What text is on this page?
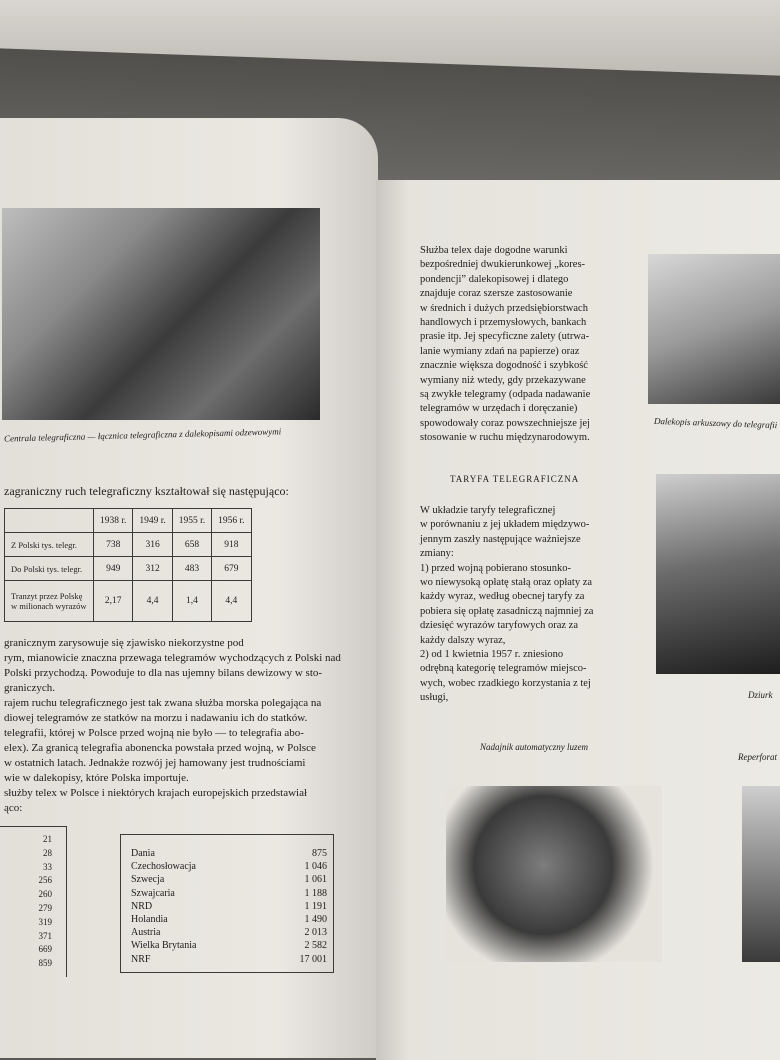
Centrala telegraficzna — łącznica telegraficzna z dalekopisami odzewowymi
zagraniczny ruch telegraficzny kształtował się następująco:
	1938 r.	1949 r.	1955 r.	1956 r.
Z Polski tys. telegr.	738	316	658	918
Do Polski tys. telegr.	949	312	483	679

Tranzyt przez Polskę
w milionach wyrazów	2,17	4,4	1,4	4,4
granicznym zarysowuje się zjawisko niekorzystne pod
rym, mianowicie znaczna przewaga telegramów wychodzących z Polski nad
Polski przychodzą. Powoduje to dla nas ujemny bilans dewizowy w sto-
graniczych.
rajem ruchu telegraficznego jest tak zwana służba morska polegająca na
diowej telegramów ze statków na morzu i nadawaniu ich do statków.
telegrafii, której w Polsce przed wojną nie było — to telegrafia abo-
elex). Za granicą telegrafia abonencka powstała przed wojną, w Polsce
w ostatnich latach. Jednakże rozwój jej hamowany jest trudnościami
wie w dalekopisy, które Polska importuje.
służby telex w Polsce i niektórych krajach europejskich przedstawiał
ąco:
21
28
33
256
260
279
319
371
669
859
Dania	875
Czechosłowacja	1 046
Szwecja	1 061
Szwajcaria	1 188
NRD	1 191
Holandia	1 490
Austria	2 013
Wielka Brytania	2 582
NRF	17 001
Służba telex daje dogodne warunki
bezpośredniej dwukierunkowej „kores-
pondencji” dalekopisowej i dlatego
znajduje coraz szersze zastosowanie
w średnich i dużych przedsiębiorstwach
handlowych i przemysłowych, bankach
prasie itp. Jej specyficzne zalety (utrwa-
lanie wymiany zdań na papierze) oraz
znacznie większa dogodność i szybkość
wymiany niż wtedy, gdy przekazywane
są zwykłe telegramy (odpada nadawanie
telegramów w urzędach i doręczanie)
spowodowały coraz powszechniejsze jej
stosowanie w ruchu międzynarodowym.
TARYFA TELEGRAFICZNA
W układzie taryfy telegraficznej
w porównaniu z jej układem międzywo-
jennym zaszły następujące ważniejsze
zmiany:
1) przed wojną pobierano stosunko-
wo niewysoką opłatę stałą oraz opłaty za
każdy wyraz, według obecnej taryfy za
pobiera się opłatę zasadniczą najmniej za
dziesięć wyrazów taryfowych oraz za
każdy dalszy wyraz,
2) od 1 kwietnia 1957 r. zniesiono
odrębną kategorię telegramów miejsco-
wych, wobec rzadkiego korzystania z tej
usługi,
Dalekopis arkuszowy do telegrafii
Dziurk
Nadajnik automatyczny luzem
Reperforat
